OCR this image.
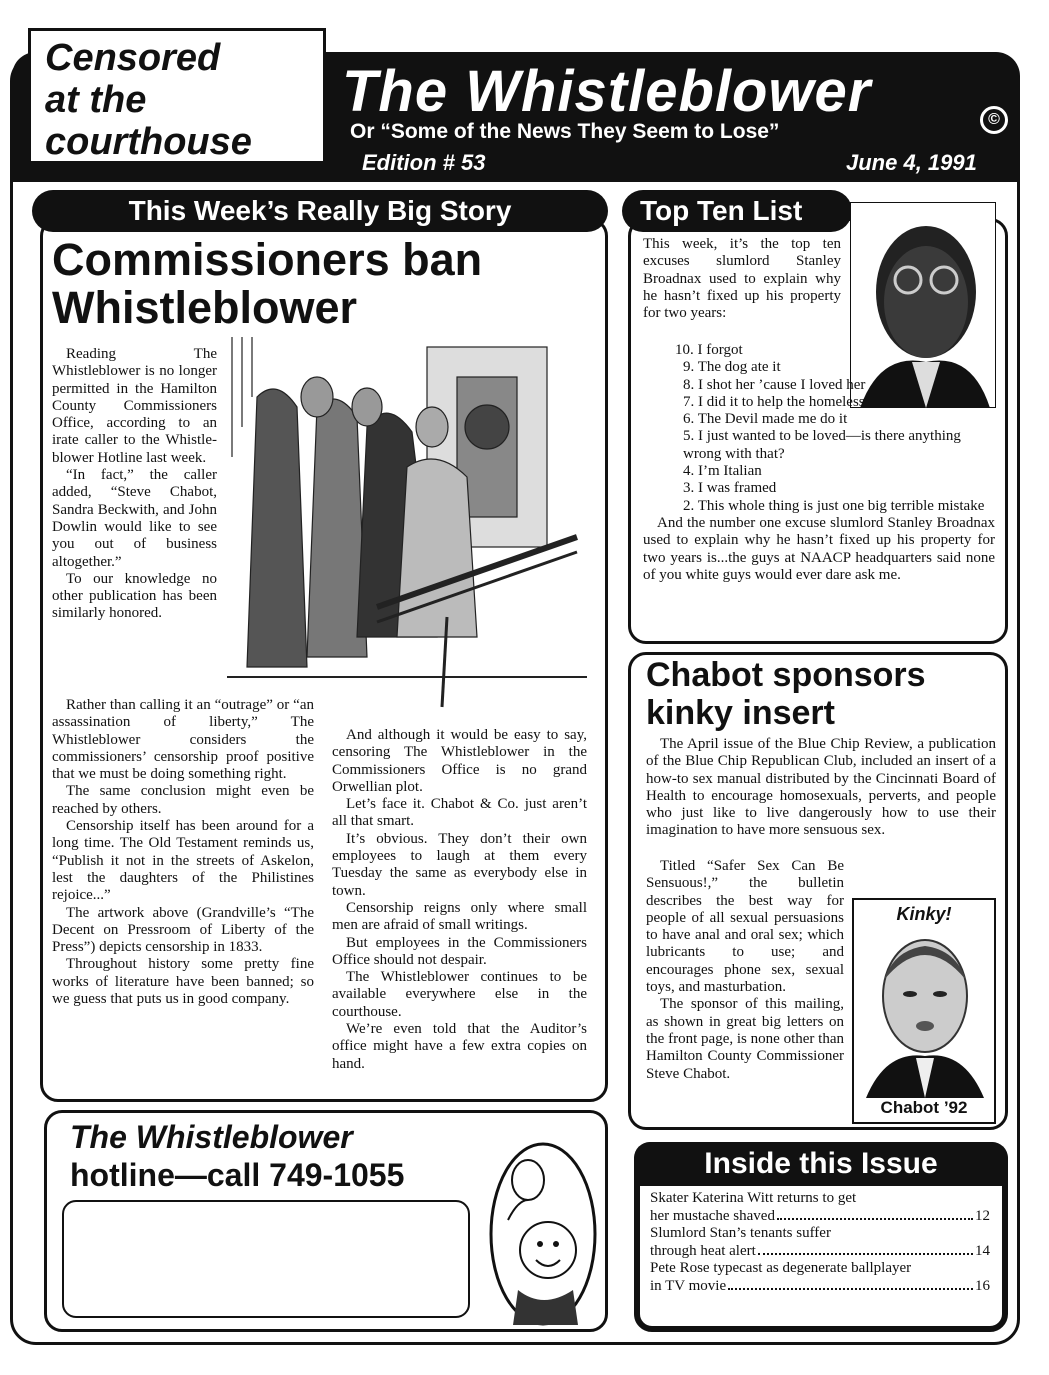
Censored
at the
courthouse
The Whistleblower	©
Or “Some of the News They Seem to Lose”
Edition # 53	June 4, 1991
This Week’s Really Big Story
Commissioners ban
Whistleblower

Reading The Whistleblower is no longer permitted in the Hamilton County Commissioners Office, according to an irate caller to the Whistle-blower Hotline last week.

“In fact,” the caller added, “Steve Chabot, Sandra Beckwith, and John Dowlin would like to see you out of business altogether.”

To our knowledge no other publication has been similarly honored.

Rather than calling it an “outrage” or “an assassination of liberty,” The Whistleblower considers the commissioners’ censorship proof positive that we must be doing something right.

The same conclusion might even be reached by others.

Censorship itself has been around for a long time. The Old Testament reminds us, “Publish it not in the streets of Askelon, lest the daughters of the Philistines rejoice...”

The artwork above (Grandville’s “The Decent on Pressroom of Liberty of the Press”) depicts censorship in 1833.

Throughout history some pretty fine works of literature have been banned; so we guess that puts us in good company.

And although it would be easy to say, censoring The Whistleblower in the Commissioners Office is no grand Orwellian plot.

Let’s face it. Chabot & Co. just aren’t all that smart.

It’s obvious. They don’t their own employees to laugh at them every Tuesday the same as everybody else in town.

Censorship reigns only where small men are afraid of small writings.

But employees in the Commissioners Office should not despair.

The Whistleblower continues to be available everywhere else in the courthouse.

We’re even told that the Auditor’s office might have a few extra copies on hand.

Top Ten List
This week, it’s the top ten excuses slumlord Stanley Broadnax used to explain why he hasn’t fixed up his property for two years:
10. I forgot
9. The dog ate it
8. I shot her ’cause I loved her
7. I did it to help the homeless
6. The Devil made me do it
5. I just wanted to be loved—is there anything wrong with that?
4. I’m Italian
3. I was framed
2. This whole thing is just one big terrible mistake
And the number one excuse slumlord Stanley Broadnax used to explain why he hasn’t fixed up his property for two years is...the guys at NAACP headquarters said none of you white guys would ever dare ask me.
Chabot sponsors
kinky insert

The April issue of the Blue Chip Review, a publication of the Blue Chip Republican Club, included an insert of a how-to sex manual distributed by the Cincinnati Board of Health to encourage homosexuals, perverts, and people who just like to live dangerously how to use their imagination to have more sensuous sex.

Titled “Safer Sex Can Be Sensuous!,” the bulletin describes the best way for people of all sexual persuasions to have anal and oral sex; which lubricants to use; and encourages phone sex, sexual toys, and masturbation.

The sponsor of this mailing, as shown in great big letters on the front page, is none other than Hamilton County Commissioner Steve Chabot.

Kinky!
Chabot ’92
The Whistleblower
hotline—call 749-1055	Inside this Issue
Skater Katerina Witt returns to get
her mustache shaved	12
Slumlord Stan’s tenants suffer
through heat alert	14
Pete Rose typecast as degenerate ballplayer
in TV movie	16
